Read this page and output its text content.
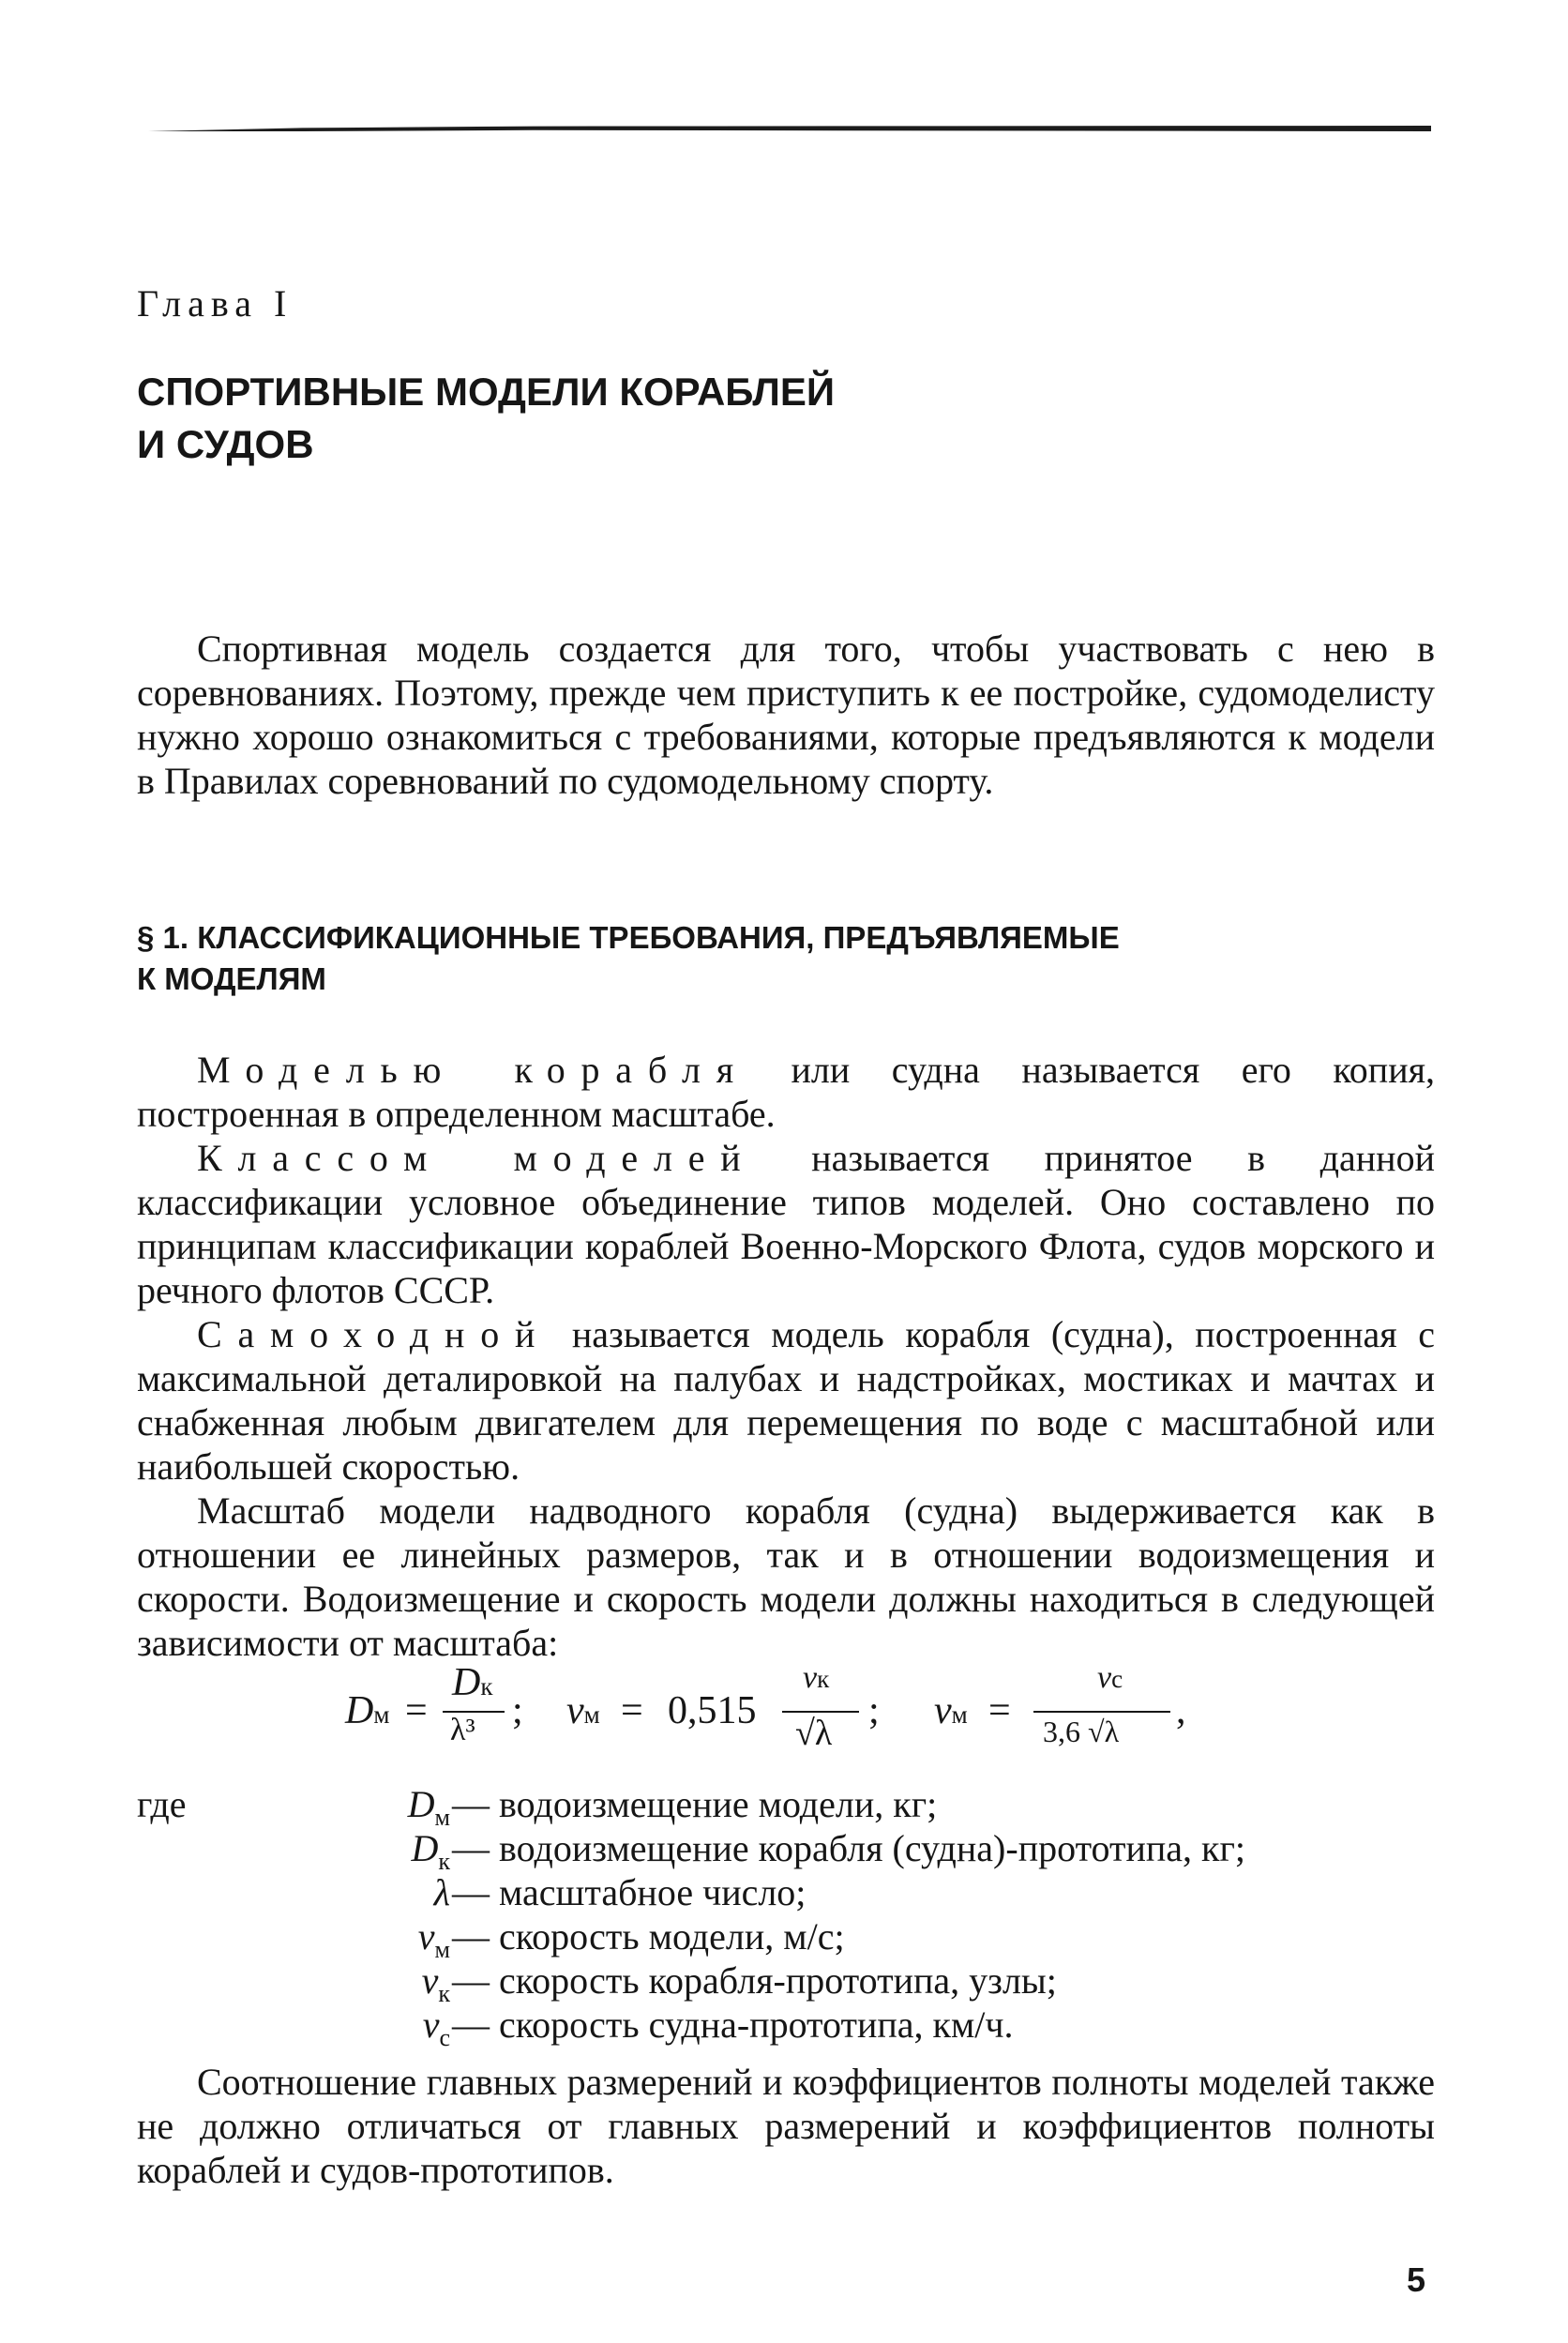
Глава I
СПОРТИВНЫЕ МОДЕЛИ КОРАБЛЕЙ
И СУДОВ

Спортивная модель создается для того, чтобы участвовать с нею в соревнованиях. Поэтому, прежде чем приступить к ее постройке, судомоделисту нужно хорошо ознакомиться с требованиями, которые предъявляются к модели в Правилах соревнований по судомодельному спорту.

§ 1. КЛАССИФИКАЦИОННЫЕ ТРЕБОВАНИЯ, ПРЕДЪЯВЛЯЕМЫЕ
К МОДЕЛЯМ

Моделью корабля или судна называется его копия, построенная в определенном масштабе.

Классом моделей называется принятое в данной классификации условное объединение типов моделей. Оно составлено по принципам классификации кораблей Военно-Морского Флота, судов морского и речного флотов СССР.

Самоходной называется модель корабля (судна), построенная с максимальной деталировкой на палубах и надстройках, мостиках и мачтах и снабженная любым двигателем для перемещения по воде с масштабной или наибольшей скоростью.

Масштаб модели надводного корабля (судна) выдерживается как в отношении ее линейных размеров, так и в отношении водоизмещения и скорости. Водоизмещение и скорость модели должны находиться в следующей зависимости от масштаба:

Dм =
Dк
λ³ ; vм = 0,515
vк
√λ
; vм =
vс
3,6 √λ ,
где	$D_м$ — водоизмещение модели, кг;
$D_к$ — водоизмещение корабля (судна)-прототипа, кг;
λ — масштабное число;
$v_м$ — скорость модели, м/с;
$v_к$ — скорость корабля-прототипа, узлы;
$v_с$ — скорость судна-прототипа, км/ч.

Соотношение главных размерений и коэффициентов полноты моделей также не должно отличаться от главных размерений и коэффициентов полноты кораблей и судов-прототипов.

5
